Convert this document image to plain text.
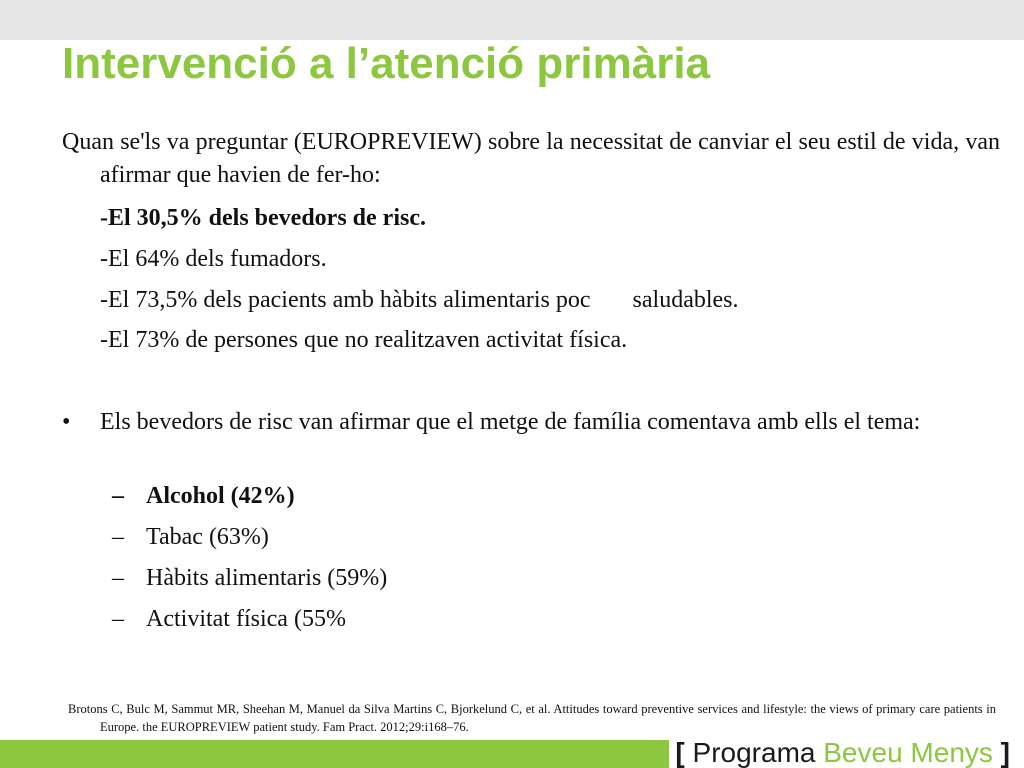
Intervenció a l’atenció primària
Quan se'ls va preguntar (EUROPREVIEW) sobre la necessitat de canviar el seu estil de vida, van afirmar que havien de fer-ho:
-El 30,5% dels bevedors de risc.
-El 64% dels fumadors.
-El 73,5% dels pacients amb hàbits alimentaris poc saludables.
-El 73% de persones que no realitzaven activitat física.
•	Els bevedors de risc van afirmar que el metge de família comentava amb ells el tema:
– Alcohol (42%)
– Tabac (63%)
– Hàbits alimentaris (59%)
– Activitat física (55%
Brotons C, Bulc M, Sammut MR, Sheehan M, Manuel da Silva Martins C, Bjorkelund C, et al. Attitudes toward preventive services and lifestyle: the views of primary care patients in Europe. the EUROPREVIEW patient study. Fam Pract. 2012;29:i168–76.
[ Programa Beveu Menys ]
